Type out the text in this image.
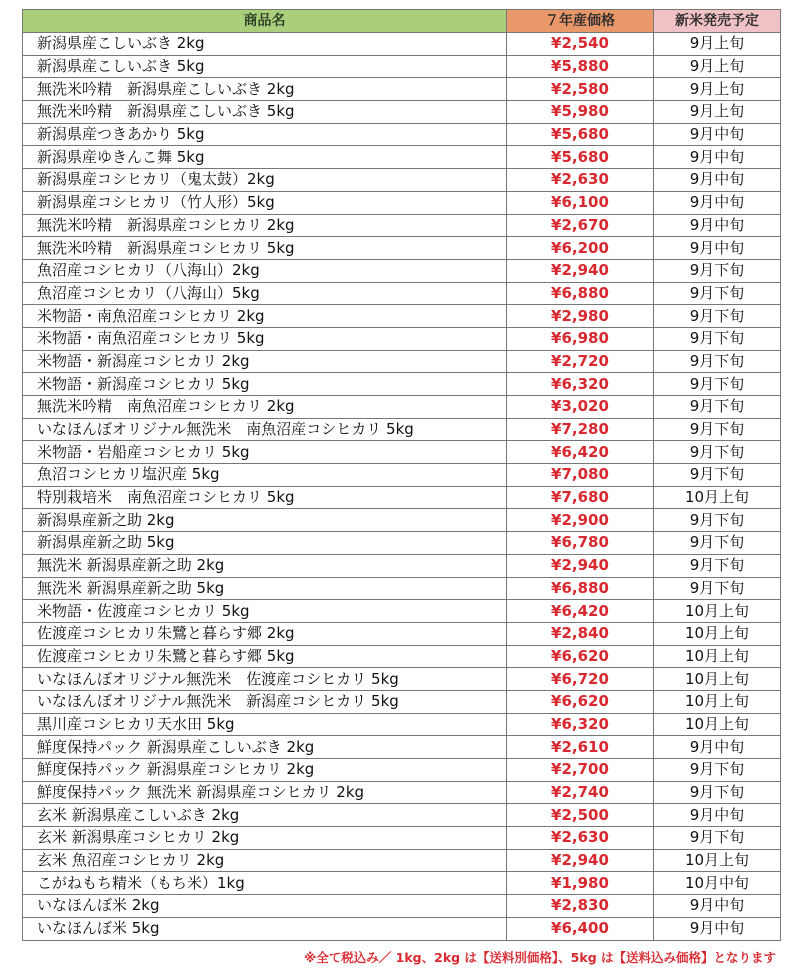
商品名	７年産価格	新米発売予定
新潟県産こしいぶき 2kg	¥2,540	9月上旬
新潟県産こしいぶき 5kg	¥5,880	9月上旬
無洗米吟精　新潟県産こしいぶき 2kg	¥2,580	9月上旬
無洗米吟精　新潟県産こしいぶき 5kg	¥5,980	9月上旬
新潟県産つきあかり 5kg	¥5,680	9月中旬
新潟県産ゆきんこ舞 5kg	¥5,680	9月中旬
新潟県産コシヒカリ（鬼太鼓）2kg	¥2,630	9月中旬
新潟県産コシヒカリ（竹人形）5kg	¥6,100	9月中旬
無洗米吟精　新潟県産コシヒカリ 2kg	¥2,670	9月中旬
無洗米吟精　新潟県産コシヒカリ 5kg	¥6,200	9月中旬
魚沼産コシヒカリ（八海山）2kg	¥2,940	9月下旬
魚沼産コシヒカリ（八海山）5kg	¥6,880	9月下旬
米物語・南魚沼産コシヒカリ 2kg	¥2,980	9月下旬
米物語・南魚沼産コシヒカリ 5kg	¥6,980	9月下旬
米物語・新潟産コシヒカリ 2kg	¥2,720	9月下旬
米物語・新潟産コシヒカリ 5kg	¥6,320	9月下旬
無洗米吟精　南魚沼産コシヒカリ 2kg	¥3,020	9月下旬
いなほんぼオリジナル無洗米　南魚沼産コシヒカリ 5kg	¥7,280	9月下旬
米物語・岩船産コシヒカリ 5kg	¥6,420	9月下旬
魚沼コシヒカリ塩沢産 5kg	¥7,080	9月下旬
特別栽培米　南魚沼産コシヒカリ 5kg	¥7,680	10月上旬
新潟県産新之助 2kg	¥2,900	9月下旬
新潟県産新之助 5kg	¥6,780	9月下旬
無洗米 新潟県産新之助 2kg	¥2,940	9月下旬
無洗米 新潟県産新之助 5kg	¥6,880	9月下旬
米物語・佐渡産コシヒカリ 5kg	¥6,420	10月上旬
佐渡産コシヒカリ朱鷺と暮らす郷 2kg	¥2,840	10月上旬
佐渡産コシヒカリ朱鷺と暮らす郷 5kg	¥6,620	10月上旬
いなほんぼオリジナル無洗米　佐渡産コシヒカリ 5kg	¥6,720	10月上旬
いなほんぼオリジナル無洗米　新潟産コシヒカリ 5kg	¥6,620	10月上旬
黒川産コシヒカリ天水田 5kg	¥6,320	10月上旬
鮮度保持パック 新潟県産こしいぶき 2kg	¥2,610	9月中旬
鮮度保持パック 新潟県産コシヒカリ 2kg	¥2,700	9月下旬
鮮度保持パック 無洗米 新潟県産コシヒカリ 2kg	¥2,740	9月下旬
玄米 新潟県産こしいぶき 2kg	¥2,500	9月中旬
玄米 新潟県産コシヒカリ 2kg	¥2,630	9月下旬
玄米 魚沼産コシヒカリ 2kg	¥2,940	10月上旬
こがねもち精米（もち米）1kg	¥1,980	10月中旬
いなほんぼ米 2kg	¥2,830	9月中旬
いなほんぼ米 5kg	¥6,400	9月中旬
※全て税込み／ 1kg、2kg は【送料別価格】、5kg は【送料込み価格】となります
